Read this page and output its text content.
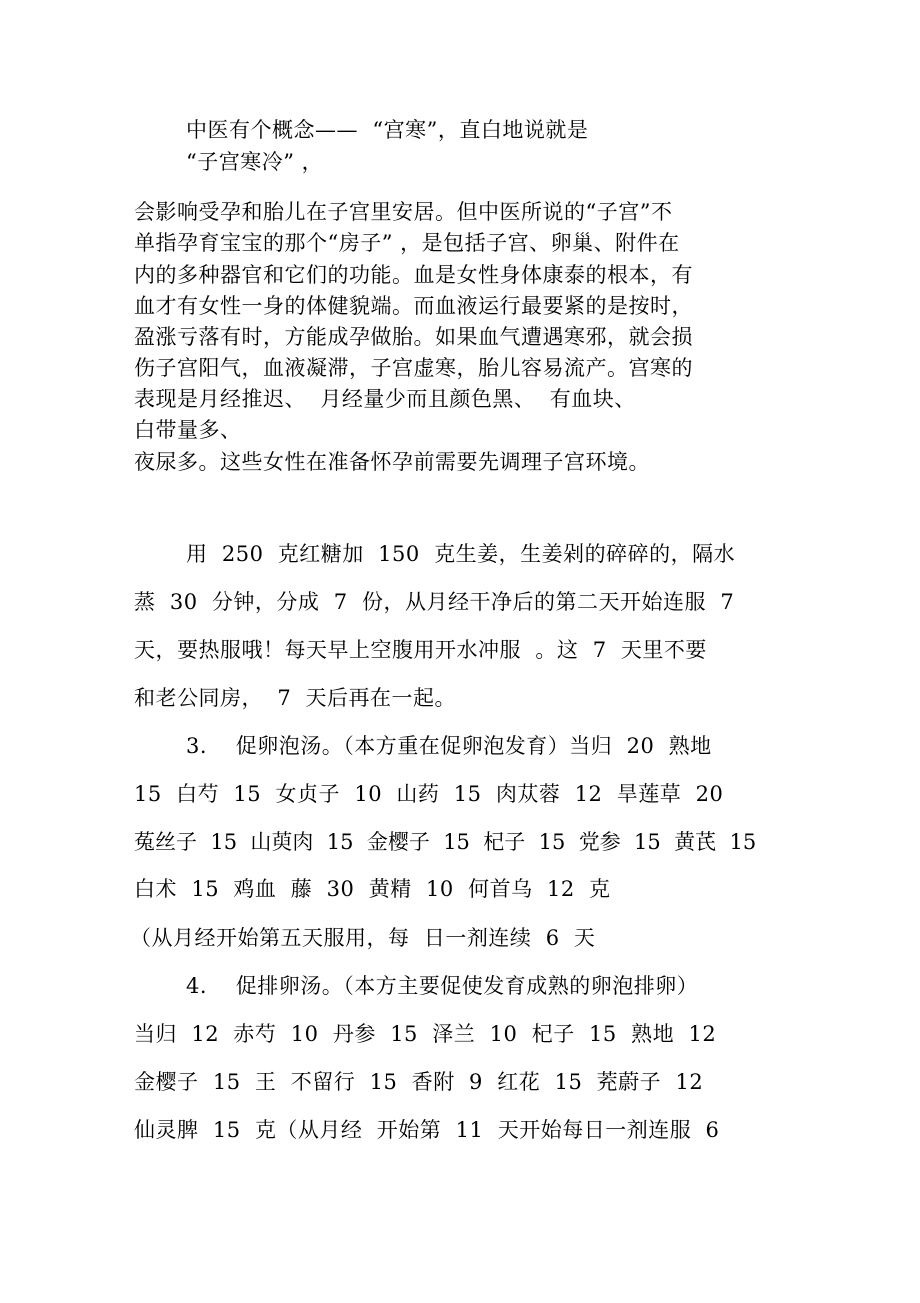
中医有个概念——  “宫寒”，直白地说就是

“子宫寒冷” ，

会影响受孕和胎儿在子宫里安居。但中医所说的“子宫”不

单指孕育宝宝的那个“房子” ，是包括子宫、卵巢、附件在

内的多种器官和它们的功能。血是女性身体康泰的根本，有

血才有女性一身的体健貌端。而血液运行最要紧的是按时，

盈涨亏落有时，方能成孕做胎。如果血气遭遇寒邪，就会损

伤子宫阳气，血液凝滞，子宫虚寒，胎儿容易流产。宫寒的

表现是月经推迟、  月经量少而且颜色黑、  有血块、

白带量多、

夜尿多。这些女性在准备怀孕前需要先调理子宫环境。

用  250  克红糖加  150  克生姜，生姜剁的碎碎的，隔水

蒸  30  分钟，分成  7  份，从月经干净后的第二天开始连服  7

天，要热服哦！每天早上空腹用开水冲服  。这  7  天里不要

和老公同房，  7  天后再在一起。

3.    促卵泡汤。（本方重在促卵泡发育）当归  20  熟地

15  白芍  15  女贞子  10  山药  15  肉苁蓉  12  旱莲草  20

菟丝子  15  山萸肉  15  金樱子  15  杞子  15  党参  15  黄芪  15

白术  15  鸡血  藤  30  黄精  10  何首乌  12  克

（从月经开始第五天服用，每  日一剂连续  6  天

4.    促排卵汤。（本方主要促使发育成熟的卵泡排卵）

当归  12  赤芍  10  丹参  15  泽兰  10  杞子  15  熟地  12

金樱子  15  王  不留行  15  香附  9  红花  15  茺蔚子  12

仙灵脾  15  克（从月经  开始第  11  天开始每日一剂连服  6
